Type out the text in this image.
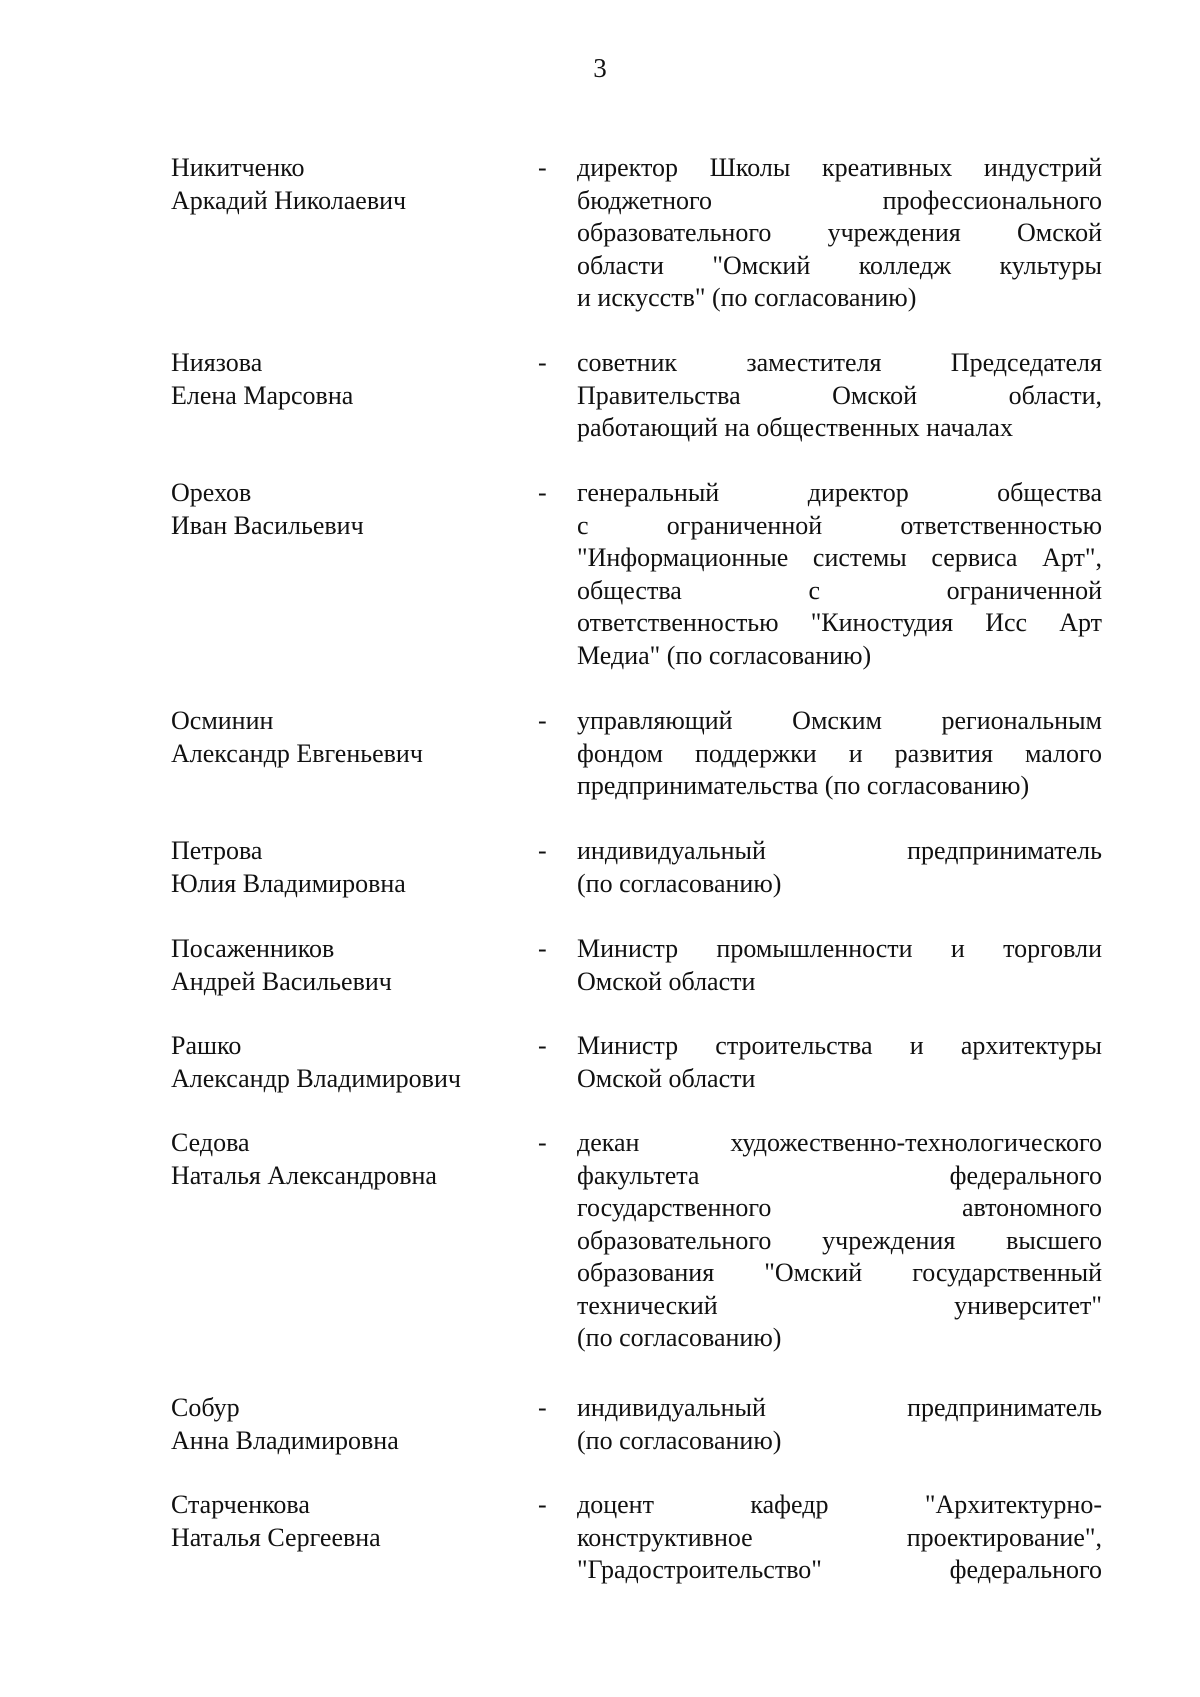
3
Никитченко
Аркадий Николаевич
-	директор Школы креативных индустрий
бюджетного профессионального
образовательного учреждения Омской
области "Омский колледж культуры
и искусств" (по согласованию)
Ниязова
Елена Марсовна
-	советник заместителя Председателя
Правительства Омской области,
работающий на общественных началах
Орехов
Иван Васильевич
-	генеральный директор общества
с ограниченной ответственностью
"Информационные системы сервиса Арт",
общества с ограниченной
ответственностью "Киностудия Исс Арт
Медиа" (по согласованию)
Осминин
Александр Евгеньевич
-	управляющий Омским региональным
фондом поддержки и развития малого
предпринимательства (по согласованию)
Петрова
Юлия Владимировна
-	индивидуальный предприниматель
(по согласованию)
Посаженников
Андрей Васильевич
-	Министр промышленности и торговли
Омской области
Рашко
Александр Владимирович
-	Министр строительства и архитектуры
Омской области
Седова
Наталья Александровна
-	декан художественно-технологического
факультета федерального
государственного автономного
образовательного учреждения высшего
образования "Омский государственный
технический университет"
(по согласованию)
Собур
Анна Владимировна
-	индивидуальный предприниматель
(по согласованию)
Старченкова
Наталья Сергеевна
-	доцент кафедр "Архитектурно-
конструктивное проектирование",
"Градостроительство" федерального
